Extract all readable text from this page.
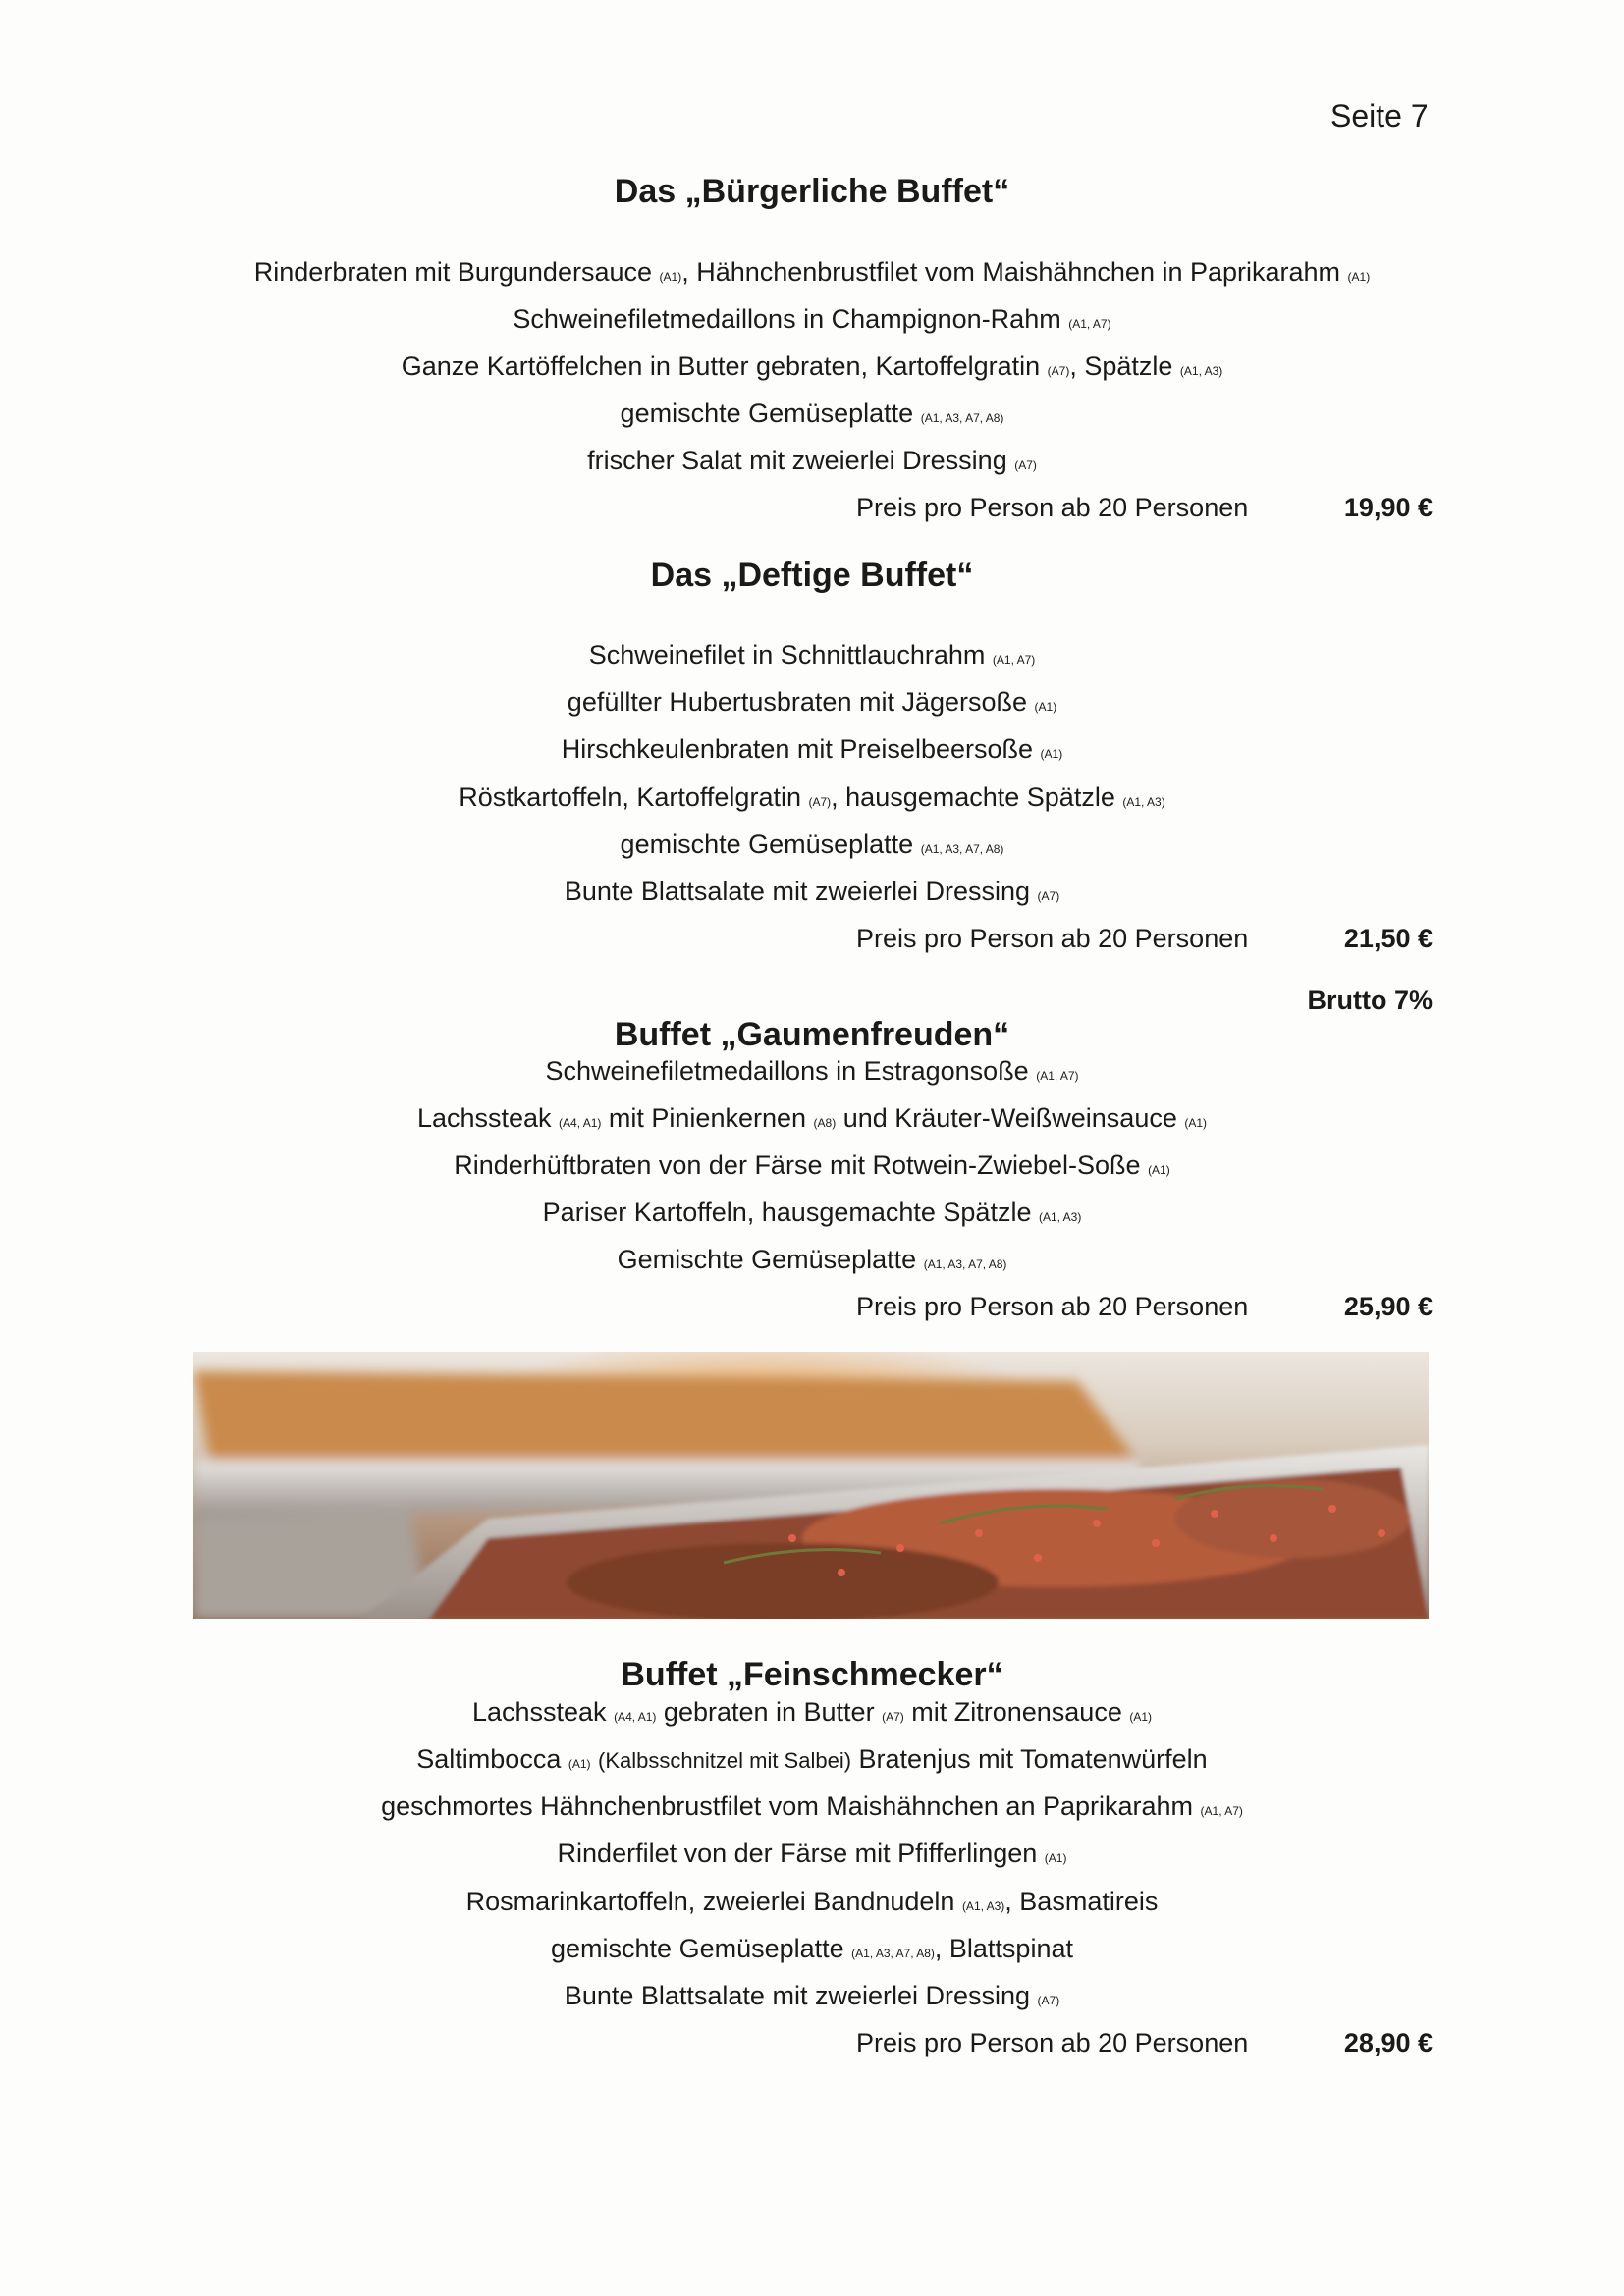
Seite 7
Das „Bürgerliche Buffet“
Rinderbraten mit Burgundersauce (A1), Hähnchenbrustfilet vom Maishähnchen in Paprikarahm (A1)
Schweinefiletmedaillons in Champignon-Rahm (A1, A7)
Ganze Kartöffelchen in Butter gebraten, Kartoffelgratin (A7), Spätzle (A1, A3)
gemischte Gemüseplatte (A1, A3, A7, A8)
frischer Salat mit zweierlei Dressing (A7)
Preis pro Person ab 20 Personen	19,90 €
Das „Deftige Buffet“
Schweinefilet in Schnittlauchrahm (A1, A7)
gefüllter Hubertusbraten mit Jägersoße (A1)
Hirschkeulenbraten mit Preiselbeersoße (A1)
Röstkartoffeln, Kartoffelgratin (A7), hausgemachte Spätzle (A1, A3)
gemischte Gemüseplatte (A1, A3, A7, A8)
Bunte Blattsalate mit zweierlei Dressing (A7)
Preis pro Person ab 20 Personen	21,50 €
Brutto 7%
Buffet „Gaumenfreuden“
Schweinefiletmedaillons in Estragonsoße (A1, A7)
Lachssteak (A4, A1) mit Pinienkernen (A8) und Kräuter-Weißweinsauce (A1)
Rinderhüftbraten von der Färse mit Rotwein-Zwiebel-Soße (A1)
Pariser Kartoffeln, hausgemachte Spätzle (A1, A3)
Gemischte Gemüseplatte (A1, A3, A7, A8)
Preis pro Person ab 20 Personen	25,90 €
Buffet „Feinschmecker“
Lachssteak (A4, A1) gebraten in Butter (A7) mit Zitronensauce (A1)
Saltimbocca (A1) (Kalbsschnitzel mit Salbei) Bratenjus mit Tomatenwürfeln
geschmortes Hähnchenbrustfilet vom Maishähnchen an Paprikarahm (A1, A7)
Rinderfilet von der Färse mit Pfifferlingen (A1)
Rosmarinkartoffeln, zweierlei Bandnudeln (A1, A3), Basmatireis
gemischte Gemüseplatte (A1, A3, A7, A8), Blattspinat
Bunte Blattsalate mit zweierlei Dressing (A7)
Preis pro Person ab 20 Personen	28,90 €
